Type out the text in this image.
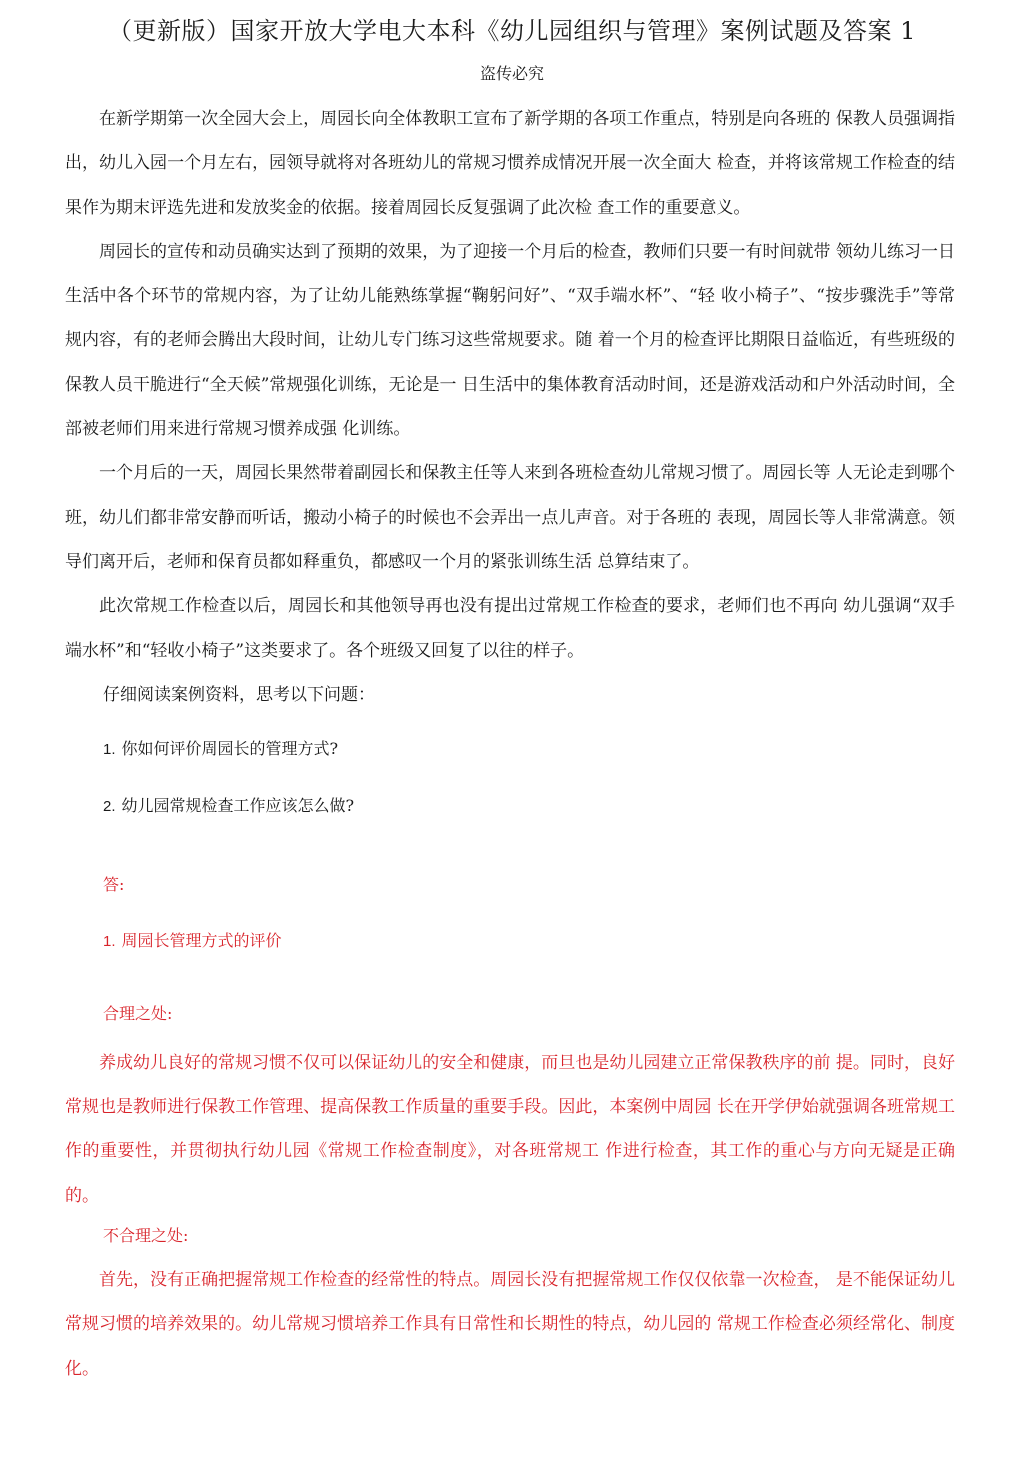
（更新版）国家开放大学电大本科《幼儿园组织与管理》案例试题及答案 1
盗传必究

在新学期第一次全园大会上，周园长向全体教职工宣布了新学期的各项工作重点，特别是向各班的 保教人员强调指出，幼儿入园一个月左右，园领导就将对各班幼儿的常规习惯养成情况开展一次全面大 检查，并将该常规工作检查的结果作为期末评选先进和发放奖金的依据。接着周园长反复强调了此次检 查工作的重要意义。

周园长的宣传和动员确实达到了预期的效果，为了迎接一个月后的检查，教师们只要一有时间就带 领幼儿练习一日生活中各个环节的常规内容，为了让幼儿能熟练掌握“鞠躬问好”、“双手端水杯”、“轻 收小椅子”、“按步骤洗手”等常规内容，有的老师会腾出大段时间，让幼儿专门练习这些常规要求。随 着一个月的检查评比期限日益临近，有些班级的保教人员干脆进行“全天候”常规强化训练，无论是一 日生活中的集体教育活动时间，还是游戏活动和户外活动时间，全部被老师们用来进行常规习惯养成强 化训练。

一个月后的一天，周园长果然带着副园长和保教主任等人来到各班检查幼儿常规习惯了。周园长等 人无论走到哪个班，幼儿们都非常安静而听话，搬动小椅子的时候也不会弄出一点儿声音。对于各班的 表现，周园长等人非常满意。领导们离开后，老师和保育员都如释重负，都感叹一个月的紧张训练生活 总算结束了。

此次常规工作检查以后，周园长和其他领导再也没有提出过常规工作检查的要求，老师们也不再向 幼儿强调“双手端水杯”和“轻收小椅子”这类要求了。各个班级又回复了以往的样子。

仔细阅读案例资料，思考以下问题：

1. 你如何评价周园长的管理方式?

2. 幼儿园常规检查工作应该怎么做?

答:

1. 周园长管理方式的评价

合理之处:

养成幼儿良好的常规习惯不仅可以保证幼儿的安全和健康，而旦也是幼儿园建立正常保教秩序的前 提。同时，良好常规也是教师进行保教工作管理、提高保教工作质量的重要手段。因此，本案例中周园 长在开学伊始就强调各班常规工作的重要性，并贯彻执行幼儿园《常规工作检查制度》，对各班常规工 作进行检查，其工作的重心与方向无疑是正确的。

不合理之处:

首先，没有正确把握常规工作检查的经常性的特点。周园长没有把握常规工作仅仅依靠一次检查， 是不能保证幼儿常规习惯的培养效果的。幼儿常规习惯培养工作具有日常性和长期性的特点，幼儿园的 常规工作检查必须经常化、制度化。
